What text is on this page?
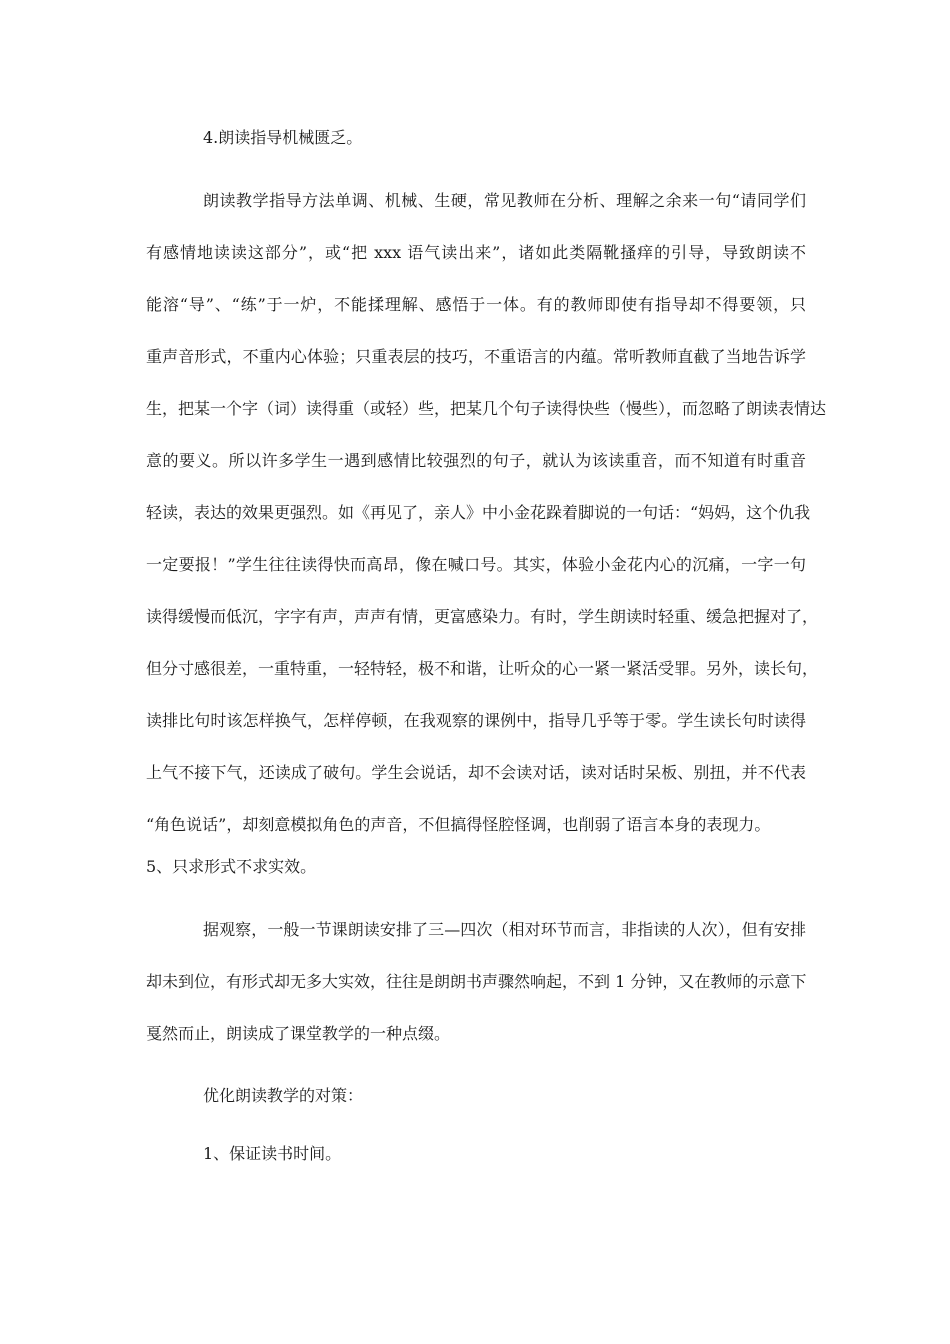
4.朗读指导机械匮乏。

朗读教学指导方法单调、机械、生硬，常见教师在分析、理解之余来一句“请同学们

有感情地读读这部分”，或“把 xxx 语气读出来”，诸如此类隔靴搔痒的引导，导致朗读不

能溶“导”、“练”于一炉，不能揉理解、感悟于一体。有的教师即使有指导却不得要领，只

重声音形式，不重内心体验；只重表层的技巧，不重语言的内蕴。常听教师直截了当地告诉学

生，把某一个字（词）读得重（或轻）些，把某几个句子读得快些（慢些），而忽略了朗读表情达

意的要义。所以许多学生一遇到感情比较强烈的句子，就认为该读重音，而不知道有时重音

轻读，表达的效果更强烈。如《再见了，亲人》中小金花跺着脚说的一句话：“妈妈，这个仇我

一定要报！”学生往往读得快而高昂，像在喊口号。其实，体验小金花内心的沉痛，一字一句

读得缓慢而低沉，字字有声，声声有情，更富感染力。有时，学生朗读时轻重、缓急把握对了，

但分寸感很差，一重特重，一轻特轻，极不和谐，让听众的心一紧一紧活受罪。另外，读长句，

读排比句时该怎样换气，怎样停顿，在我观察的课例中，指导几乎等于零。学生读长句时读得

上气不接下气，还读成了破句。学生会说话，却不会读对话，读对话时呆板、别扭，并不代表

“角色说话”，却刻意模拟角色的声音，不但搞得怪腔怪调，也削弱了语言本身的表现力。

5、只求形式不求实效。

据观察，一般一节课朗读安排了三—四次（相对环节而言，非指读的人次），但有安排

却未到位，有形式却无多大实效，往往是朗朗书声骤然响起，不到 1 分钟，又在教师的示意下

戛然而止，朗读成了课堂教学的一种点缀。

优化朗读教学的对策：

1、保证读书时间。
